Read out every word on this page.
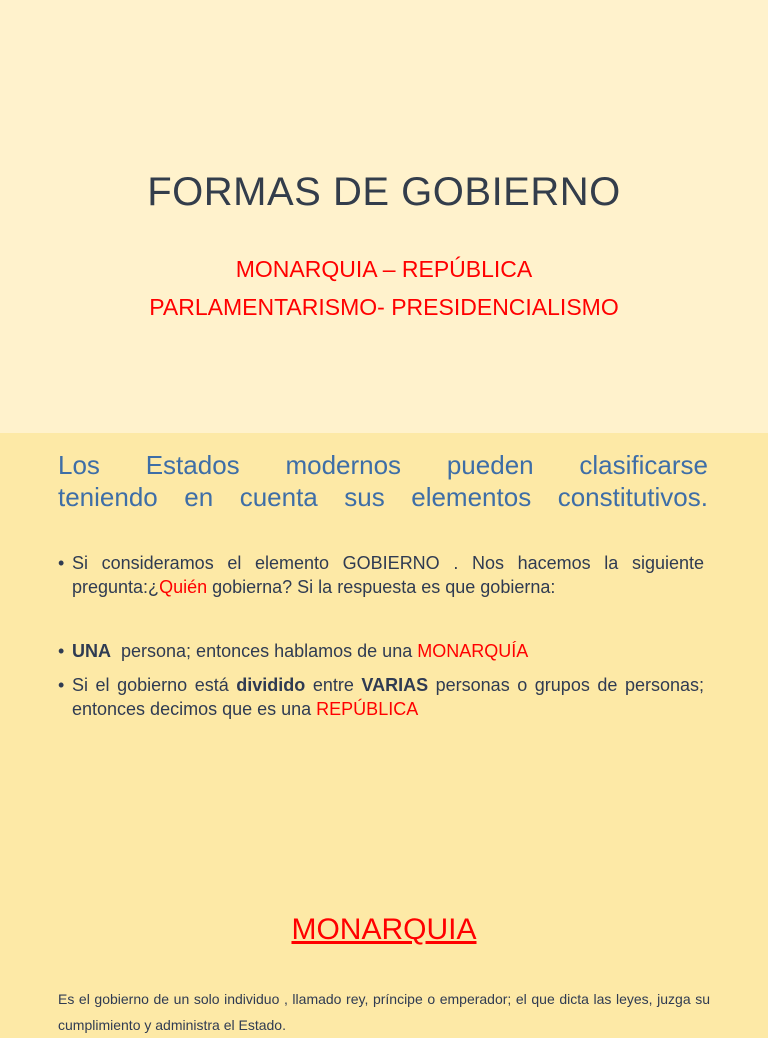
FORMAS DE GOBIERNO
MONARQUIA – REPÚBLICA
PARLAMENTARISMO- PRESIDENCIALISMO
Los Estados modernos pueden clasificarse
teniendo en cuenta sus elementos constitutivos.
• Si consideramos el elemento GOBIERNO . Nos hacemos la siguiente pregunta:¿Quién gobierna? Si la respuesta es que gobierna:
• UNA  persona; entonces hablamos de una MONARQUÍA
• Si el gobierno está dividido entre VARIAS personas o grupos de personas; entonces decimos que es una REPÚBLICA
MONARQUIA
Es el gobierno de un solo individuo , llamado rey, príncipe o emperador; el que dicta las leyes, juzga su cumplimiento y administra el Estado.
